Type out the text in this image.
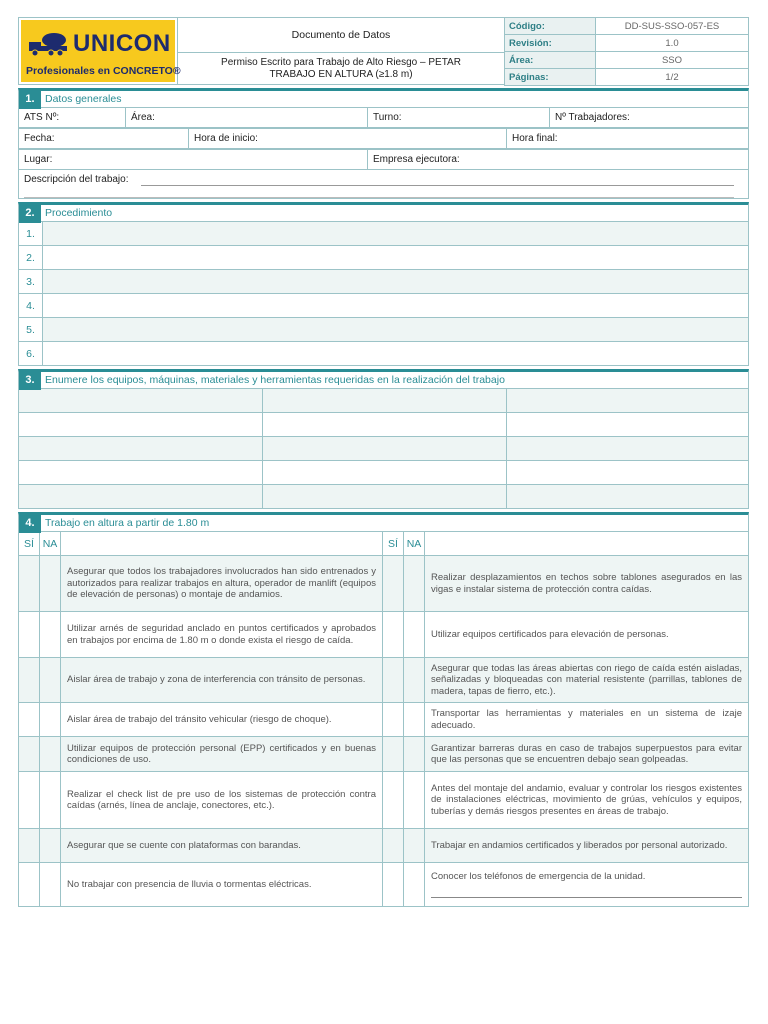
UNICON
Profesionales en CONCRETO®
Documento de Datos
Permiso Escrito para Trabajo de Alto Riesgo – PETAR
TRABAJO EN ALTURA (≥1.8 m)
Código:	DD-SUS-SSO-057-ES
Revisión:	1.0
Área:	SSO
Páginas:	1/2
1. Datos generales
ATS Nº:	Área:	Turno:	Nº Trabajadores:
Fecha:	Hora de inicio:	Hora final:
Lugar:	Empresa ejecutora:
Descripción del trabajo:
2. Procedimiento
1.	
2.	
3.	
4.	
5.	
6.	
3. Enumere los equipos, máquinas, materiales y herramientas requeridas en la realización del trabajo

4. Trabajo en altura a partir de 1.80 m
SÍ	NA		SÍ	NA	
		Asegurar que todos los trabajadores involucrados han sido entrenados y autorizados para realizar trabajos en altura, operador de manlift (equipos de elevación de personas) o montaje de andamios.			Realizar desplazamientos en techos sobre tablones asegurados en las vigas e instalar sistema de protección contra caídas.
		Utilizar arnés de seguridad anclado en puntos certificados y aprobados en trabajos por encima de 1.80 m o donde exista el riesgo de caída.			Utilizar equipos certificados para elevación de personas.
		Aislar área de trabajo y zona de interferencia con tránsito de personas.			Asegurar que todas las áreas abiertas con riego de caída estén aisladas, señalizadas y bloqueadas con material resistente (parrillas, tablones de madera, tapas de fierro, etc.).
		Aislar área de trabajo del tránsito vehicular (riesgo de choque).			Transportar las herramientas y materiales en un sistema de izaje adecuado.
		Utilizar equipos de protección personal (EPP) certificados y en buenas condiciones de uso.			Garantizar barreras duras en caso de trabajos superpuestos para evitar que las personas que se encuentren debajo sean golpeadas.
		Realizar el check list de pre uso de los sistemas de protección contra caídas (arnés, línea de anclaje, conectores, etc.).			Antes del montaje del andamio, evaluar y controlar los riesgos existentes de instalaciones eléctricas, movimiento de grúas, vehículos y equipos, tuberías y demás riesgos presentes en áreas de trabajo.
		Asegurar que se cuente con plataformas con barandas.			Trabajar en andamios certificados y liberados por personal autorizado.
		No trabajar con presencia de lluvia o tormentas eléctricas.			Conocer los teléfonos de emergencia de la unidad.
